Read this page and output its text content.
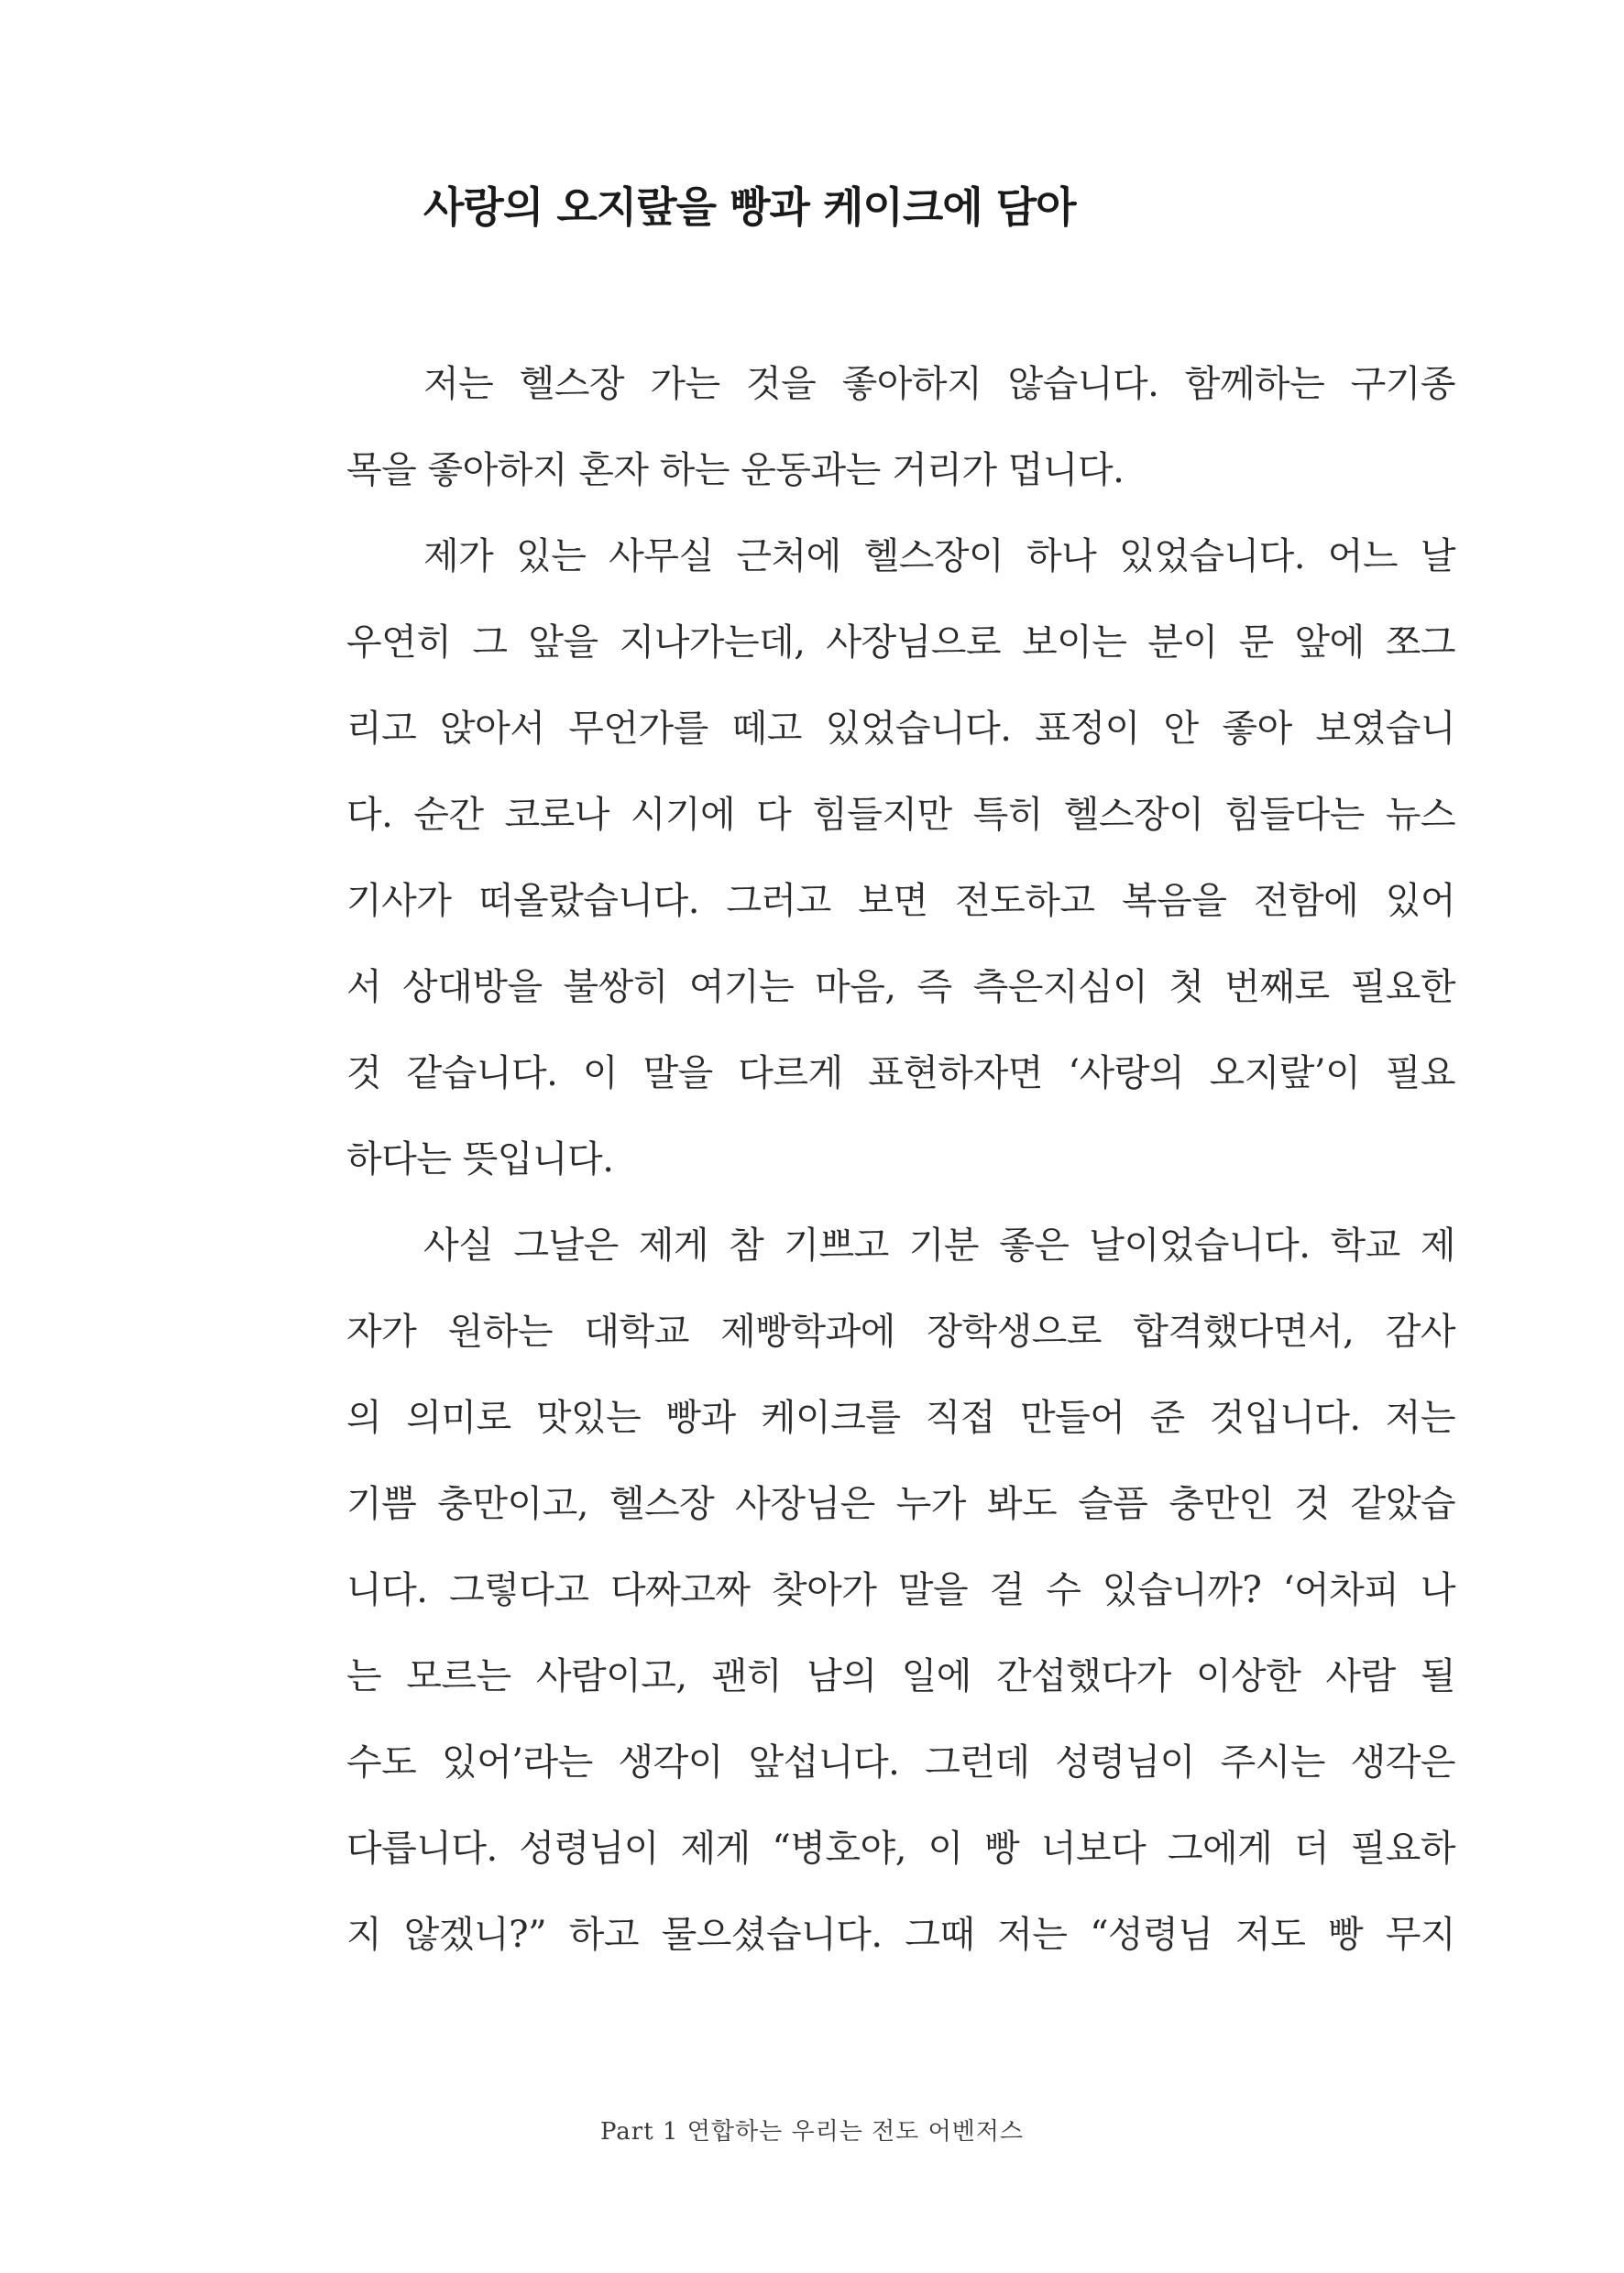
사랑의 오지랖을 빵과 케이크에 담아
저는 헬스장 가는 것을 좋아하지 않습니다. 함께하는 구기종
목을 좋아하지 혼자 하는 운동과는 거리가 멉니다.
제가 있는 사무실 근처에 헬스장이 하나 있었습니다. 어느 날
우연히 그 앞을 지나가는데, 사장님으로 보이는 분이 문 앞에 쪼그
리고 앉아서 무언가를 떼고 있었습니다. 표정이 안 좋아 보였습니
다. 순간 코로나 시기에 다 힘들지만 특히 헬스장이 힘들다는 뉴스
기사가 떠올랐습니다. 그러고 보면 전도하고 복음을 전함에 있어
서 상대방을 불쌍히 여기는 마음, 즉 측은지심이 첫 번째로 필요한
것 같습니다. 이 말을 다르게 표현하자면 ‘사랑의 오지랖’이 필요
하다는 뜻입니다.
사실 그날은 제게 참 기쁘고 기분 좋은 날이었습니다. 학교 제
자가 원하는 대학교 제빵학과에 장학생으로 합격했다면서, 감사
의 의미로 맛있는 빵과 케이크를 직접 만들어 준 것입니다. 저는
기쁨 충만이고, 헬스장 사장님은 누가 봐도 슬픔 충만인 것 같았습
니다. 그렇다고 다짜고짜 찾아가 말을 걸 수 있습니까? ‘어차피 나
는 모르는 사람이고, 괜히 남의 일에 간섭했다가 이상한 사람 될
수도 있어’라는 생각이 앞섭니다. 그런데 성령님이 주시는 생각은
다릅니다. 성령님이 제게 “병호야, 이 빵 너보다 그에게 더 필요하
지 않겠니?” 하고 물으셨습니다. 그때 저는 “성령님 저도 빵 무지
Part 1 연합하는 우리는 전도 어벤저스
